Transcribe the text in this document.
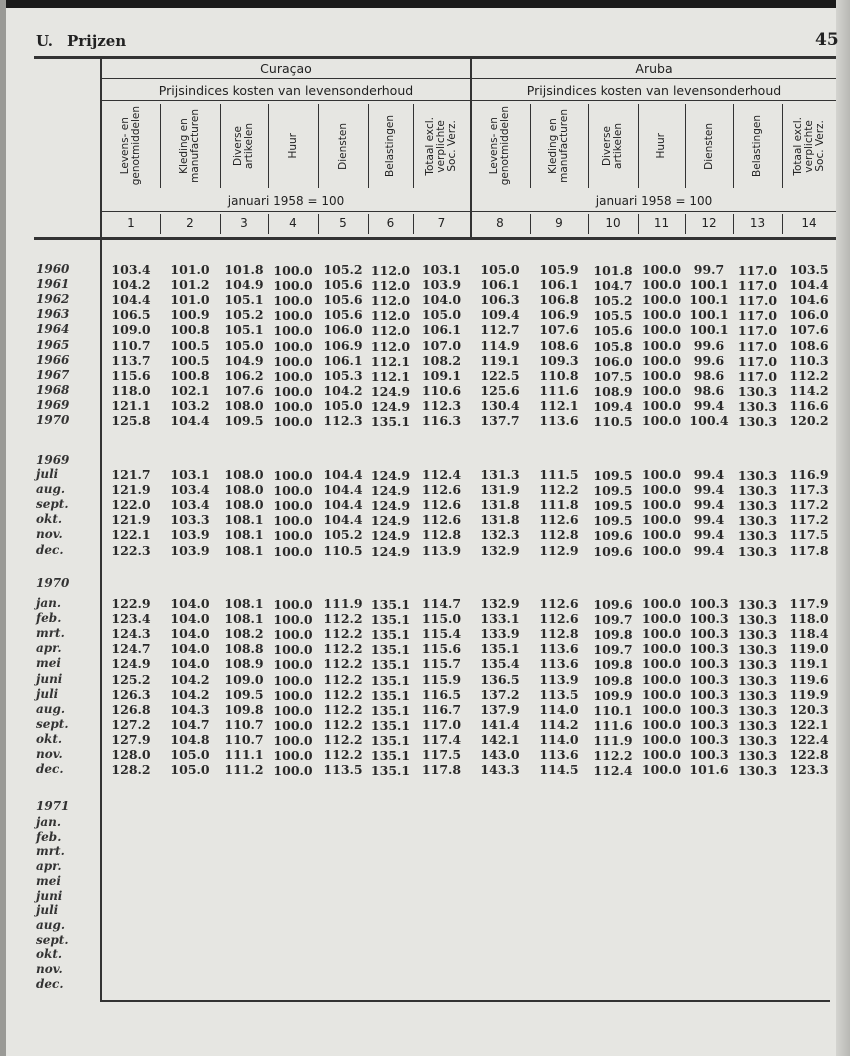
U. Prijzen	45
Curaçao
Prijsindices kosten van levensonderhoud
januari 1958 = 100
Aruba
Prijsindices kosten van levensonderhoud
januari 1958 = 100
Levens- en
genotmiddelen
1
Kleding en
manufacturen
2
Diverse
artikelen
3
Huur
4
Diensten
5
Belastingen
6
Totaal excl.
verplichte
Soc. Verz.
7
Levens- en
genotmiddelen
8
Kleding en
manufacturen
9
Diverse
artikelen
10
Huur
11
Diensten
12
Belastingen
13
Totaal excl.
verplichte
Soc. Verz.
14
1960	103.4	101.0	101.8 100.0 105.2 112.0 103.1	105.0	105.9	101.8 100.0	99.7	117.0 103.5
1961	104.2	101.2	104.9 100.0 105.6 112.0 103.9	106.1	106.1	104.7 100.0 100.1 117.0 104.4
1962	104.4	101.0	105.1 100.0 105.6 112.0 104.0	106.3	106.8	105.2 100.0 100.1 117.0 104.6
1963	106.5	100.9	105.2 100.0 105.6 112.0 105.0	109.4	106.9	105.5 100.0 100.1 117.0 106.0
1964	109.0	100.8	105.1 100.0 106.0 112.0 106.1	112.7	107.6	105.6 100.0 100.1 117.0 107.6
1965	110.7	100.5	105.0 100.0 106.9 112.0 107.0	114.9	108.6	105.8 100.0	99.6	117.0 108.6
1966	113.7	100.5	104.9 100.0 106.1 112.1 108.2	119.1	109.3	106.0 100.0	99.6	117.0 110.3
1967	115.6	100.8	106.2 100.0 105.3 112.1 109.1	122.5	110.8	107.5 100.0	98.6	117.0 112.2
1968	118.0	102.1	107.6 100.0 104.2 124.9 110.6	125.6	111.6	108.9 100.0	98.6	130.3 114.2
1969	121.1	103.2	108.0 100.0 105.0 124.9 112.3	130.4	112.1	109.4 100.0	99.4	130.3 116.6
1970	125.8	104.4	109.5 100.0 112.3 135.1 116.3	137.7	113.6	110.5 100.0 100.4 130.3 120.2
1969
juli	121.7	103.1	108.0 100.0 104.4 124.9 112.4	131.3	111.5	109.5 100.0	99.4	130.3 116.9
aug.	121.9	103.4	108.0 100.0 104.4 124.9 112.6	131.9	112.2	109.5 100.0	99.4	130.3 117.3
sept.	122.0	103.4	108.0 100.0 104.4 124.9 112.6	131.8	111.8	109.5 100.0	99.4	130.3 117.2
okt.	121.9	103.3	108.1 100.0 104.4 124.9 112.6	131.8	112.6	109.5 100.0	99.4	130.3 117.2
nov.	122.1	103.9	108.1 100.0 105.2 124.9 112.8	132.3	112.8	109.6 100.0	99.4	130.3 117.5
dec.	122.3	103.9	108.1 100.0 110.5 124.9 113.9	132.9	112.9	109.6 100.0	99.4	130.3 117.8
1970
jan.	122.9	104.0	108.1 100.0 111.9 135.1 114.7	132.9	112.6	109.6 100.0 100.3 130.3 117.9
feb.	123.4	104.0	108.1 100.0 112.2 135.1 115.0	133.1	112.6	109.7 100.0 100.3 130.3 118.0
mrt.	124.3	104.0	108.2 100.0 112.2 135.1 115.4	133.9	112.8	109.8 100.0 100.3 130.3 118.4
apr.	124.7	104.0	108.8 100.0 112.2 135.1 115.6	135.1	113.6	109.7 100.0 100.3 130.3 119.0
mei	124.9	104.0	108.9 100.0 112.2 135.1 115.7	135.4	113.6	109.8 100.0 100.3 130.3 119.1
juni	125.2	104.2	109.0 100.0 112.2 135.1 115.9	136.5	113.9	109.8 100.0 100.3 130.3 119.6
juli	126.3	104.2	109.5 100.0 112.2 135.1 116.5	137.2	113.5	109.9 100.0 100.3 130.3 119.9
aug.	126.8	104.3	109.8 100.0 112.2 135.1 116.7	137.9	114.0	110.1 100.0 100.3 130.3 120.3
sept.	127.2	104.7	110.7 100.0 112.2 135.1 117.0	141.4	114.2	111.6 100.0 100.3 130.3 122.1
okt.	127.9	104.8	110.7 100.0 112.2 135.1 117.4	142.1	114.0	111.9 100.0 100.3 130.3 122.4
nov.	128.0	105.0	111.1 100.0 112.2 135.1 117.5	143.0	113.6	112.2 100.0 100.3 130.3 122.8
dec.	128.2	105.0	111.2 100.0 113.5 135.1 117.8	143.3	114.5	112.4 100.0 101.6 130.3 123.3
1971
jan.
feb.
mrt.
apr.
mei
juni
juli
aug.
sept.
okt.
nov.
dec.
